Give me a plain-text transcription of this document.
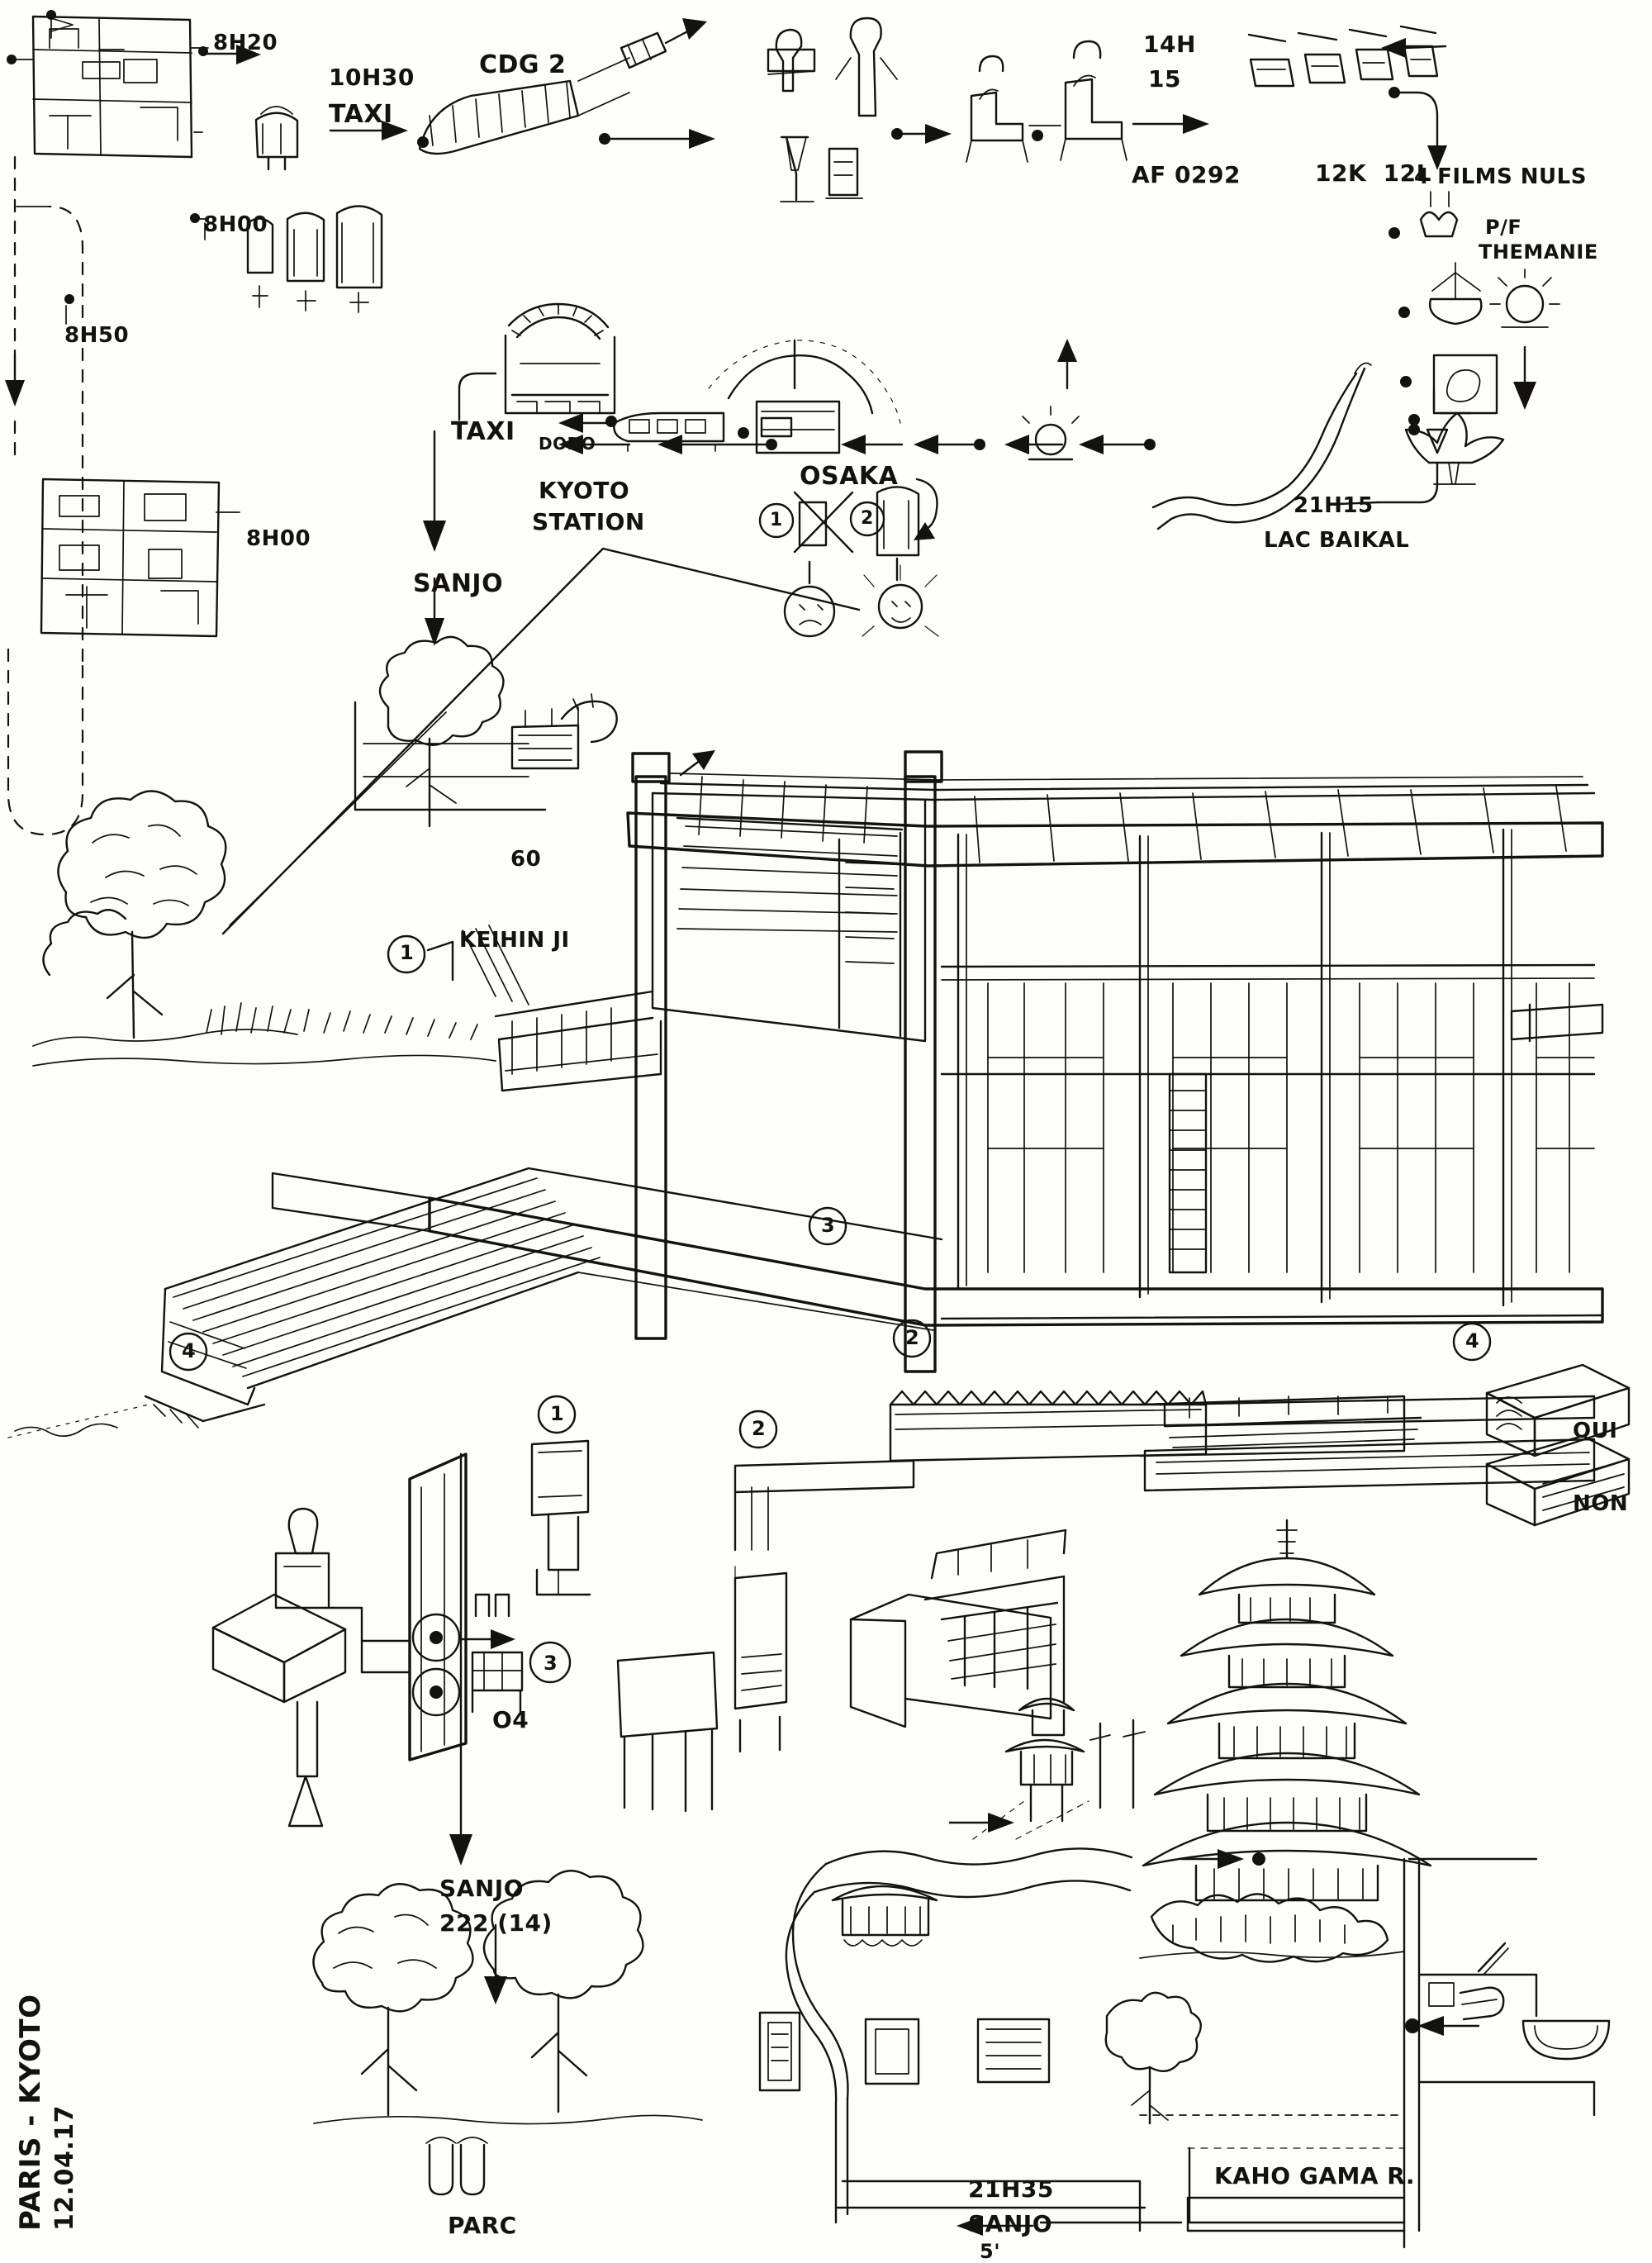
8H20
8H00
8H50
8H00
10H30
TAXI
CDG 2
14H
15
AF 0292	12K  12L
4 FILMS NULS
P/F
THEMANIE
21H15
LAC BAIKAL
OSAKA
KYOTO
STATION
DODO
TAXI
SANJO
1	2
KEIHIN JI
60
1
3
2
4	4
1
2
3
OUI
NON
O4
SANJO
222 (14)
PARC
KAHO GAMA R.
21H35
SANJO
5'
PARIS - KYOTO 12.04.17
